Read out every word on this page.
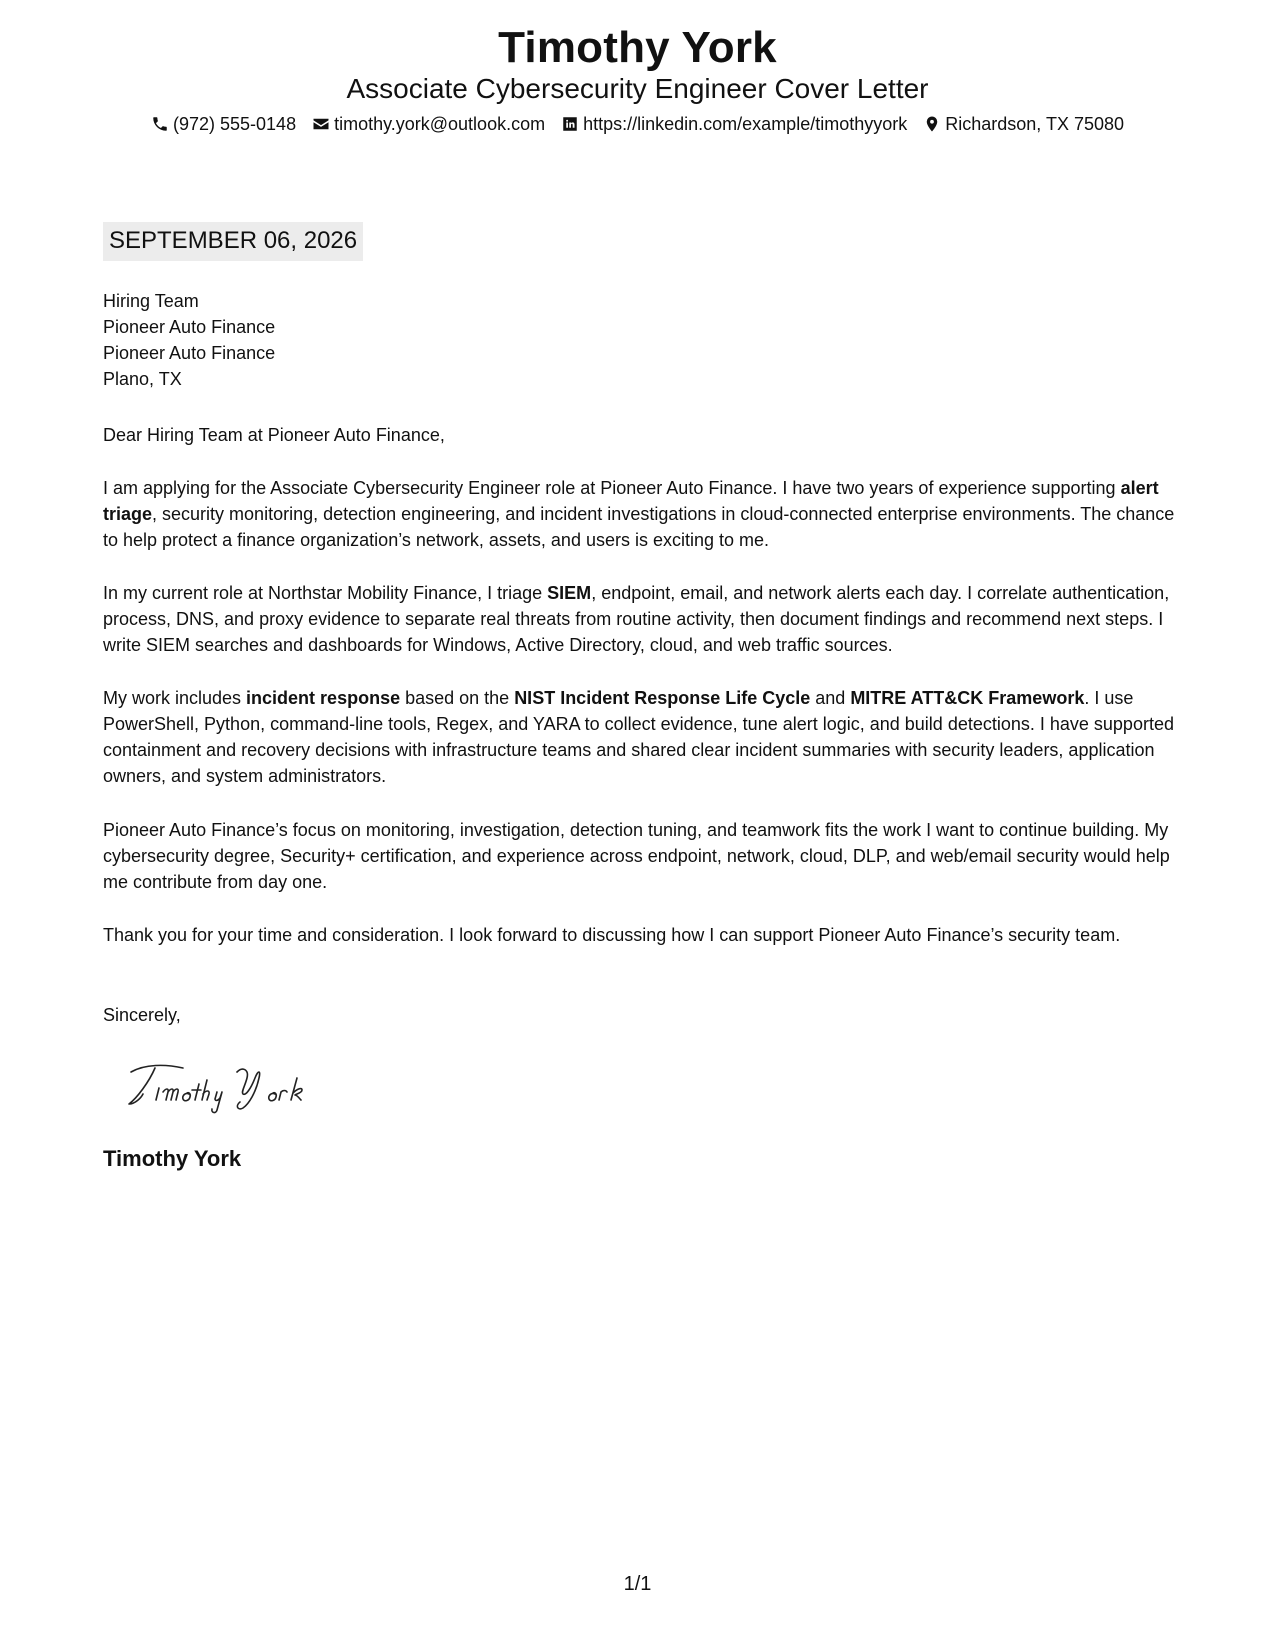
Timothy York
Associate Cybersecurity Engineer Cover Letter
(972) 555-0148 timothy.york@outlook.com https://linkedin.com/example/timothyyork Richardson, TX 75080
SEPTEMBER 06, 2026
Hiring Team
Pioneer Auto Finance
Pioneer Auto Finance
Plano, TX
Dear Hiring Team at Pioneer Auto Finance,

I am applying for the Associate Cybersecurity Engineer role at Pioneer Auto Finance. I have two years of experience supporting alert triage, security monitoring, detection engineering, and incident investigations in cloud-connected enterprise environments. The chance to help protect a finance organization’s network, assets, and users is exciting to me.

In my current role at Northstar Mobility Finance, I triage SIEM, endpoint, email, and network alerts each day. I correlate authentication, process, DNS, and proxy evidence to separate real threats from routine activity, then document findings and recommend next steps. I write SIEM searches and dashboards for Windows, Active Directory, cloud, and web traffic sources.

My work includes incident response based on the NIST Incident Response Life Cycle and MITRE ATT&CK Framework. I use PowerShell, Python, command-line tools, Regex, and YARA to collect evidence, tune alert logic, and build detections. I have supported containment and recovery decisions with infrastructure teams and shared clear incident summaries with security leaders, application owners, and system administrators.

Pioneer Auto Finance’s focus on monitoring, investigation, detection tuning, and teamwork fits the work I want to continue building. My cybersecurity degree, Security+ certification, and experience across endpoint, network, cloud, DLP, and web/email security would help me contribute from day one.

Thank you for your time and consideration. I look forward to discussing how I can support Pioneer Auto Finance’s security team.

Sincerely,
Timothy York
1/1
